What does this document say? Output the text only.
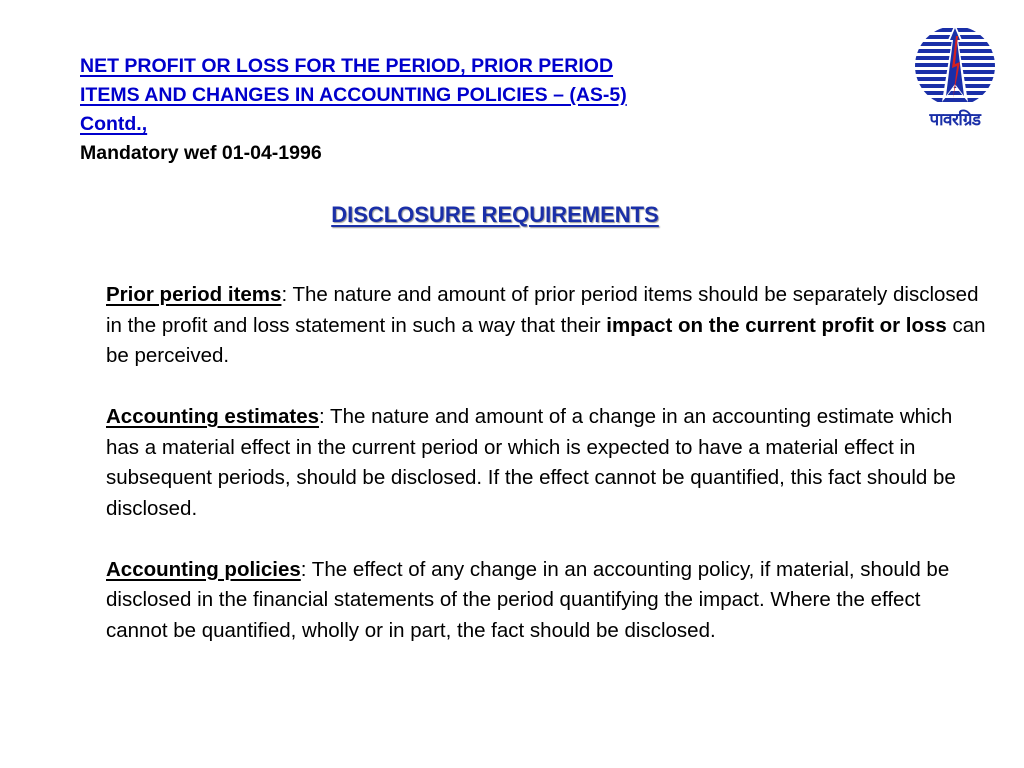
NET PROFIT OR LOSS FOR THE PERIOD, PRIOR PERIOD
ITEMS AND CHANGES IN ACCOUNTING POLICIES – (AS-5)
Contd.,
Mandatory wef 01-04-1996
पावरग्रिड
DISCLOSURE REQUIREMENTS

Prior period items: The nature and amount of prior period items should be separately disclosed in the profit and loss statement in such a way that their impact on the current profit or loss can be perceived.

Accounting estimates: The nature and amount of a change in an accounting estimate which has a material effect in the current period or which is expected to have a material effect in subsequent periods, should be disclosed. If the effect cannot be quantified, this fact should be disclosed.

Accounting policies: The effect of any change in an accounting policy, if material, should be disclosed in the financial statements of the period quantifying the impact. Where the effect cannot be quantified, wholly or in part, the fact should be disclosed.
